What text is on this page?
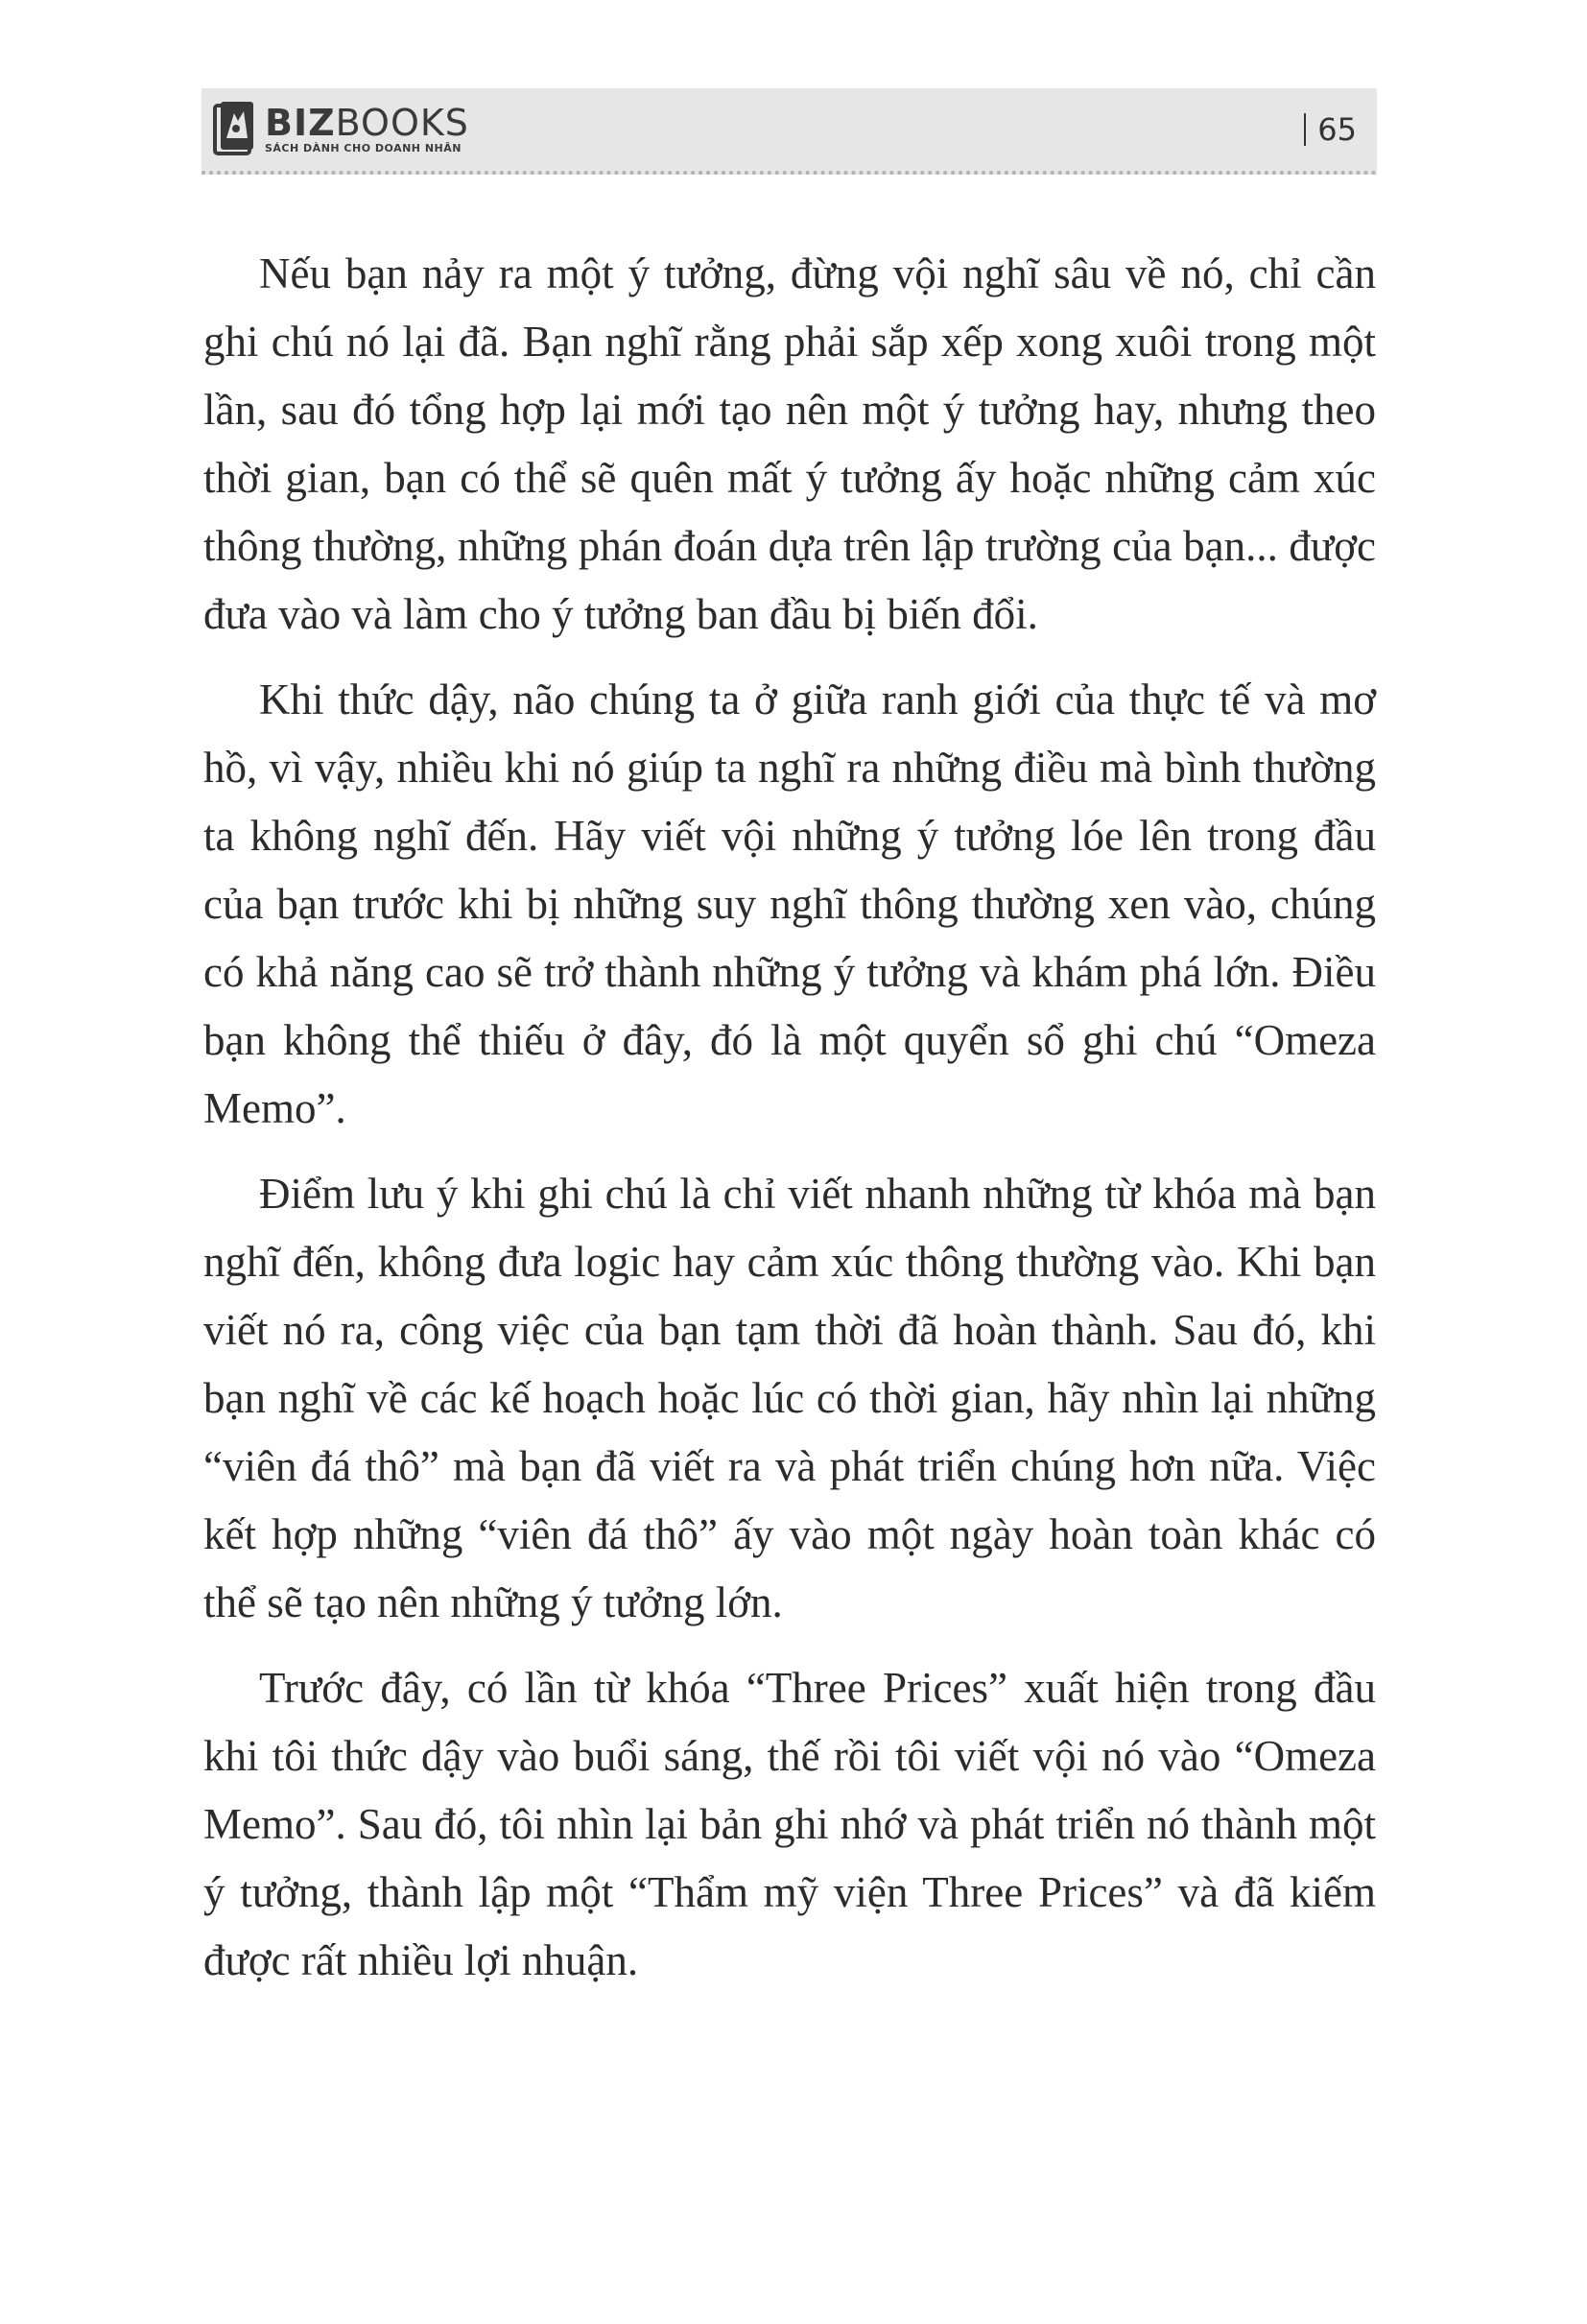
BIZBOOKS
SÁCH DÀNH CHO DOANH NHÂN
65

Nếu bạn nảy ra một ý tưởng, đừng vội nghĩ sâu về nó, chỉ cần ghi chú nó lại đã. Bạn nghĩ rằng phải sắp xếp xong xuôi trong một lần, sau đó tổng hợp lại mới tạo nên một ý tưởng hay, nhưng theo thời gian, bạn có thể sẽ quên mất ý tưởng ấy hoặc những cảm xúc thông thường, những phán đoán dựa trên lập trường của bạn... được đưa vào và làm cho ý tưởng ban đầu bị biến đổi.

Khi thức dậy, não chúng ta ở giữa ranh giới của thực tế và mơ hồ, vì vậy, nhiều khi nó giúp ta nghĩ ra những điều mà bình thường ta không nghĩ đến. Hãy viết vội những ý tưởng lóe lên trong đầu của bạn trước khi bị những suy nghĩ thông thường xen vào, chúng có khả năng cao sẽ trở thành những ý tưởng và khám phá lớn. Điều bạn không thể thiếu ở đây, đó là một quyển sổ ghi chú “Omeza Memo”.

Điểm lưu ý khi ghi chú là chỉ viết nhanh những từ khóa mà bạn nghĩ đến, không đưa logic hay cảm xúc thông thường vào. Khi bạn viết nó ra, công việc của bạn tạm thời đã hoàn thành. Sau đó, khi bạn nghĩ về các kế hoạch hoặc lúc có thời gian, hãy nhìn lại những “viên đá thô” mà bạn đã viết ra và phát triển chúng hơn nữa. Việc kết hợp những “viên đá thô” ấy vào một ngày hoàn toàn khác có thể sẽ tạo nên những ý tưởng lớn.

Trước đây, có lần từ khóa “Three Prices” xuất hiện trong đầu khi tôi thức dậy vào buổi sáng, thế rồi tôi viết vội nó vào “Omeza Memo”. Sau đó, tôi nhìn lại bản ghi nhớ và phát triển nó thành một ý tưởng, thành lập một “Thẩm mỹ viện Three Prices” và đã kiếm được rất nhiều lợi nhuận.
